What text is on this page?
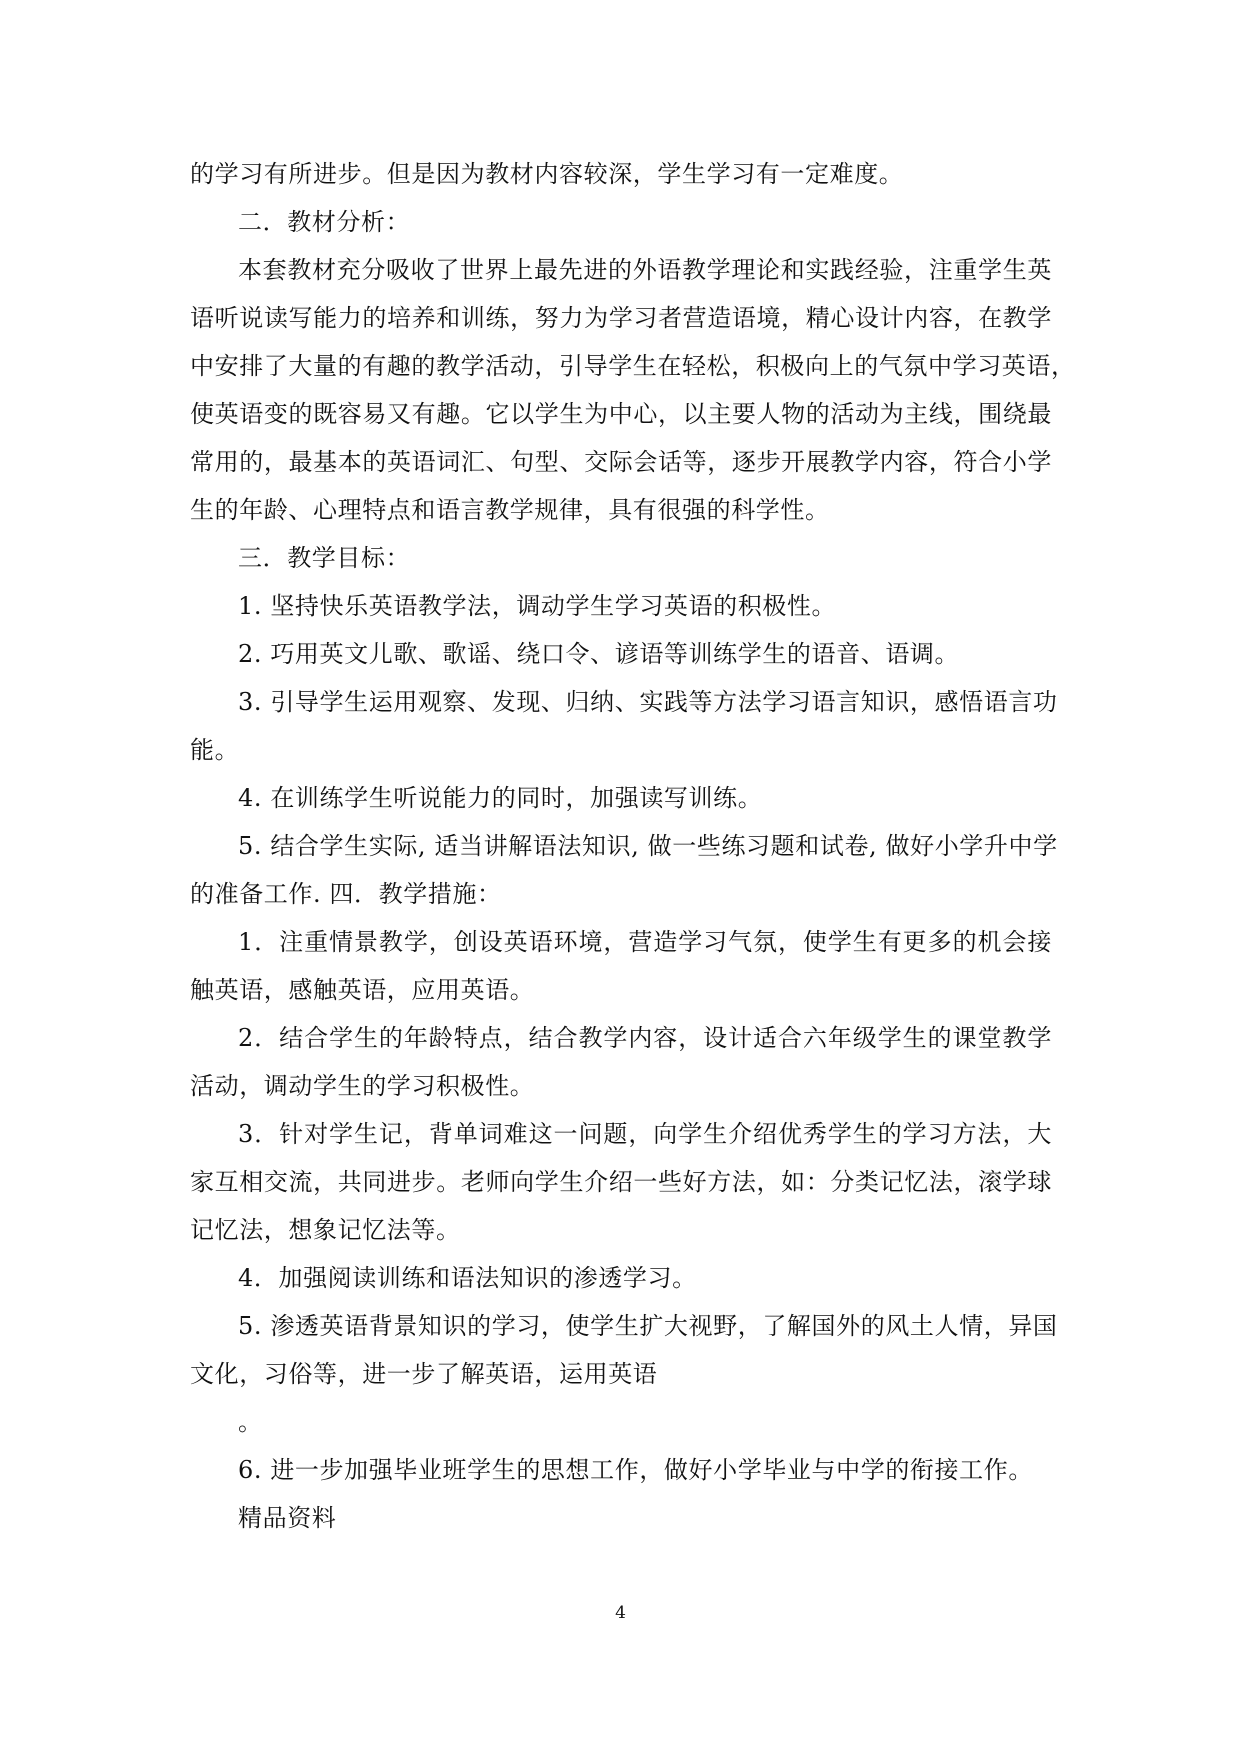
的学习有所进步。但是因为教材内容较深，学生学习有一定难度。
二．教材分析：
本套教材充分吸收了世界上最先进的外语教学理论和实践经验，注重学生英
语听说读写能力的培养和训练，努力为学习者营造语境，精心设计内容，在教学
中安排了大量的有趣的教学活动，引导学生在轻松，积极向上的气氛中学习英语，
使英语变的既容易又有趣。它以学生为中心，以主要人物的活动为主线，围绕最
常用的，最基本的英语词汇、句型、交际会话等，逐步开展教学内容，符合小学
生的年龄、心理特点和语言教学规律，具有很强的科学性。
三．教学目标：
1. 坚持快乐英语教学法，调动学生学习英语的积极性。
2. 巧用英文儿歌、歌谣、绕口令、谚语等训练学生的语音、语调。
3. 引导学生运用观察、发现、归纳、实践等方法学习语言知识，感悟语言功
能。
4. 在训练学生听说能力的同时，加强读写训练。
5. 结合学生实际, 适当讲解语法知识, 做一些练习题和试卷, 做好小学升中学
的准备工作. 四．教学措施：
1．注重情景教学，创设英语环境，营造学习气氛，使学生有更多的机会接
触英语，感触英语，应用英语。
2．结合学生的年龄特点，结合教学内容，设计适合六年级学生的课堂教学
活动，调动学生的学习积极性。
3．针对学生记，背单词难这一问题，向学生介绍优秀学生的学习方法，大
家互相交流，共同进步。老师向学生介绍一些好方法，如：分类记忆法，滚学球
记忆法，想象记忆法等。
4．加强阅读训练和语法知识的渗透学习。
5. 渗透英语背景知识的学习，使学生扩大视野，了解国外的风土人情，异国
文化，习俗等，进一步了解英语，运用英语
。
6. 进一步加强毕业班学生的思想工作，做好小学毕业与中学的衔接工作。
精品资料
4
